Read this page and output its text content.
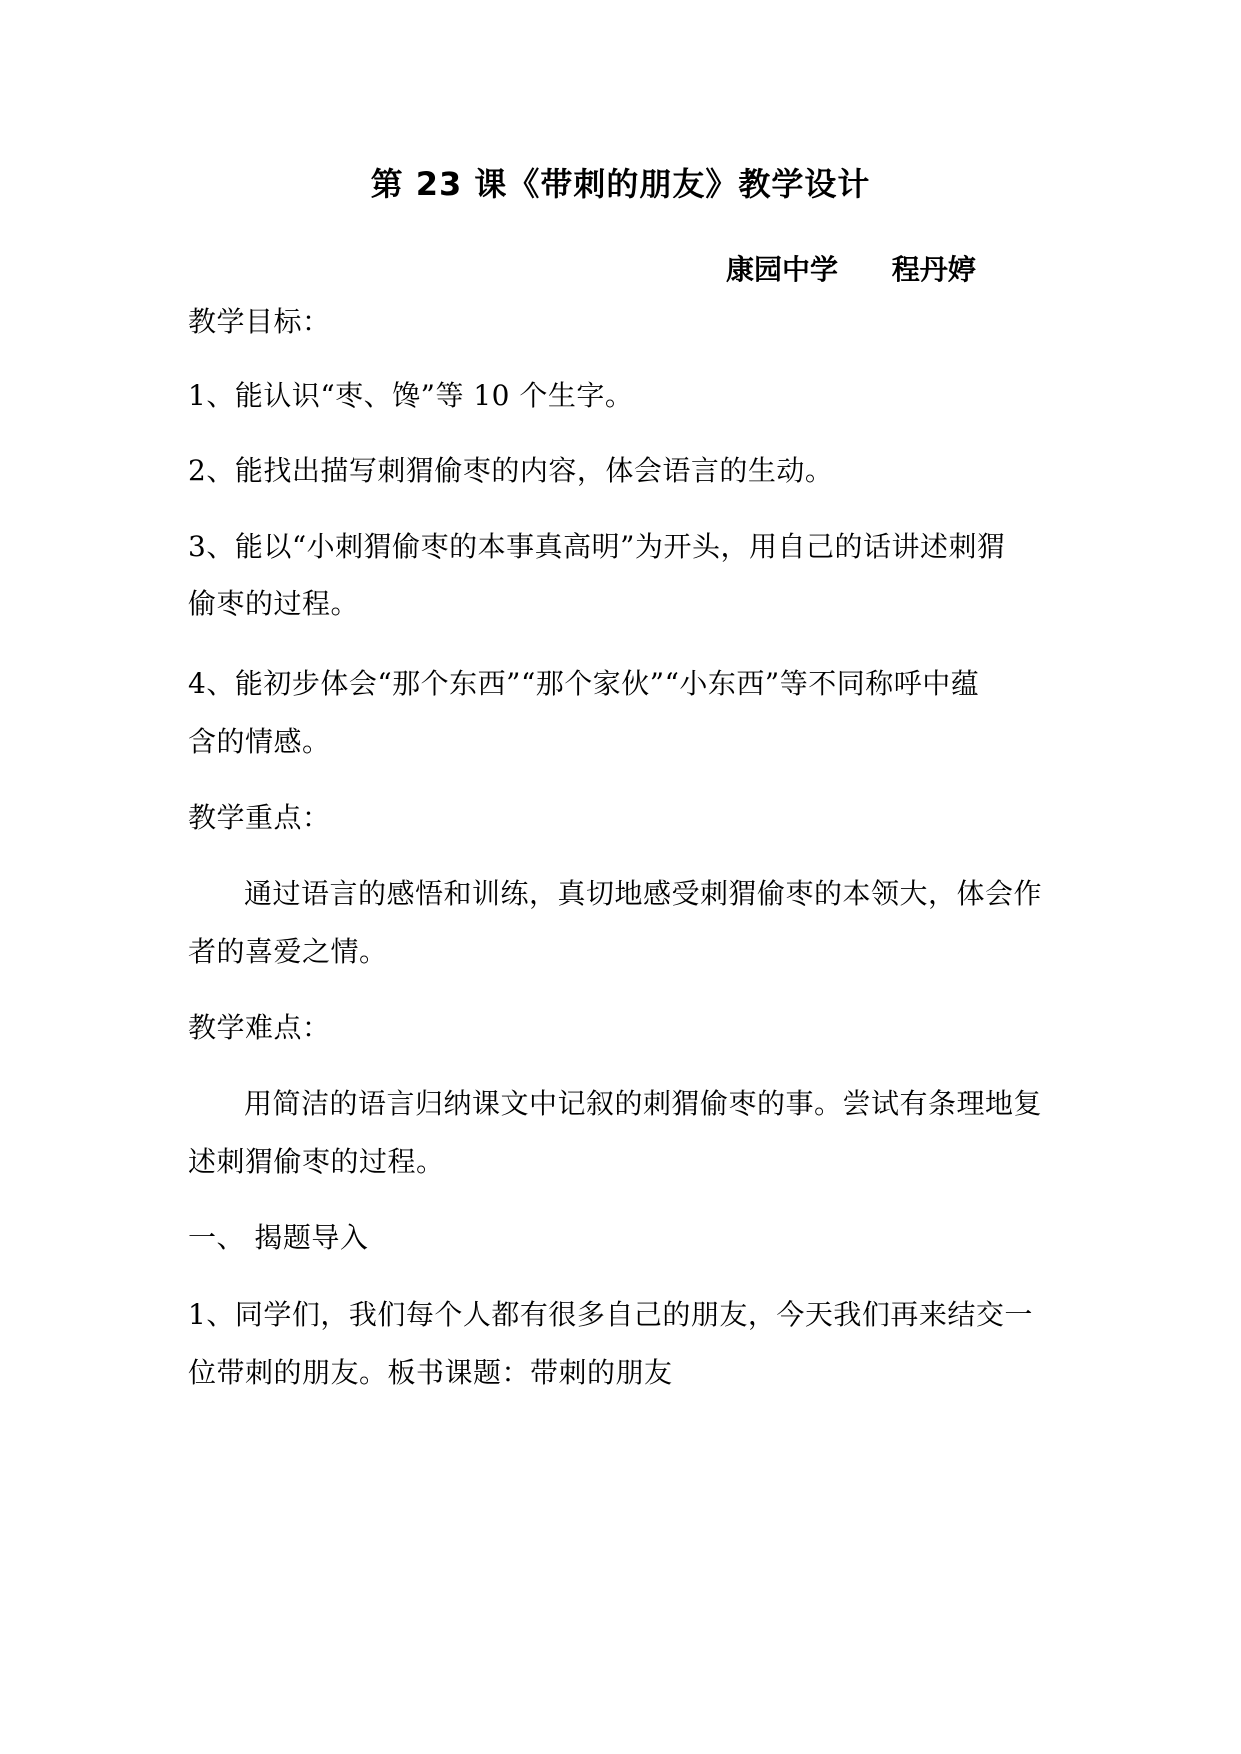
第 23 课《带刺的朋友》教学设计
康园中学 程丹婷
教学目标：
1、能认识“枣、馋”等 10 个生字。
2、能找出描写刺猬偷枣的内容，体会语言的生动。
3、能以“小刺猬偷枣的本事真高明”为开头，用自己的话讲述刺猬
偷枣的过程。
4、能初步体会“那个东西”“那个家伙”“小东西”等不同称呼中蕴
含的情感。
教学重点：
通过语言的感悟和训练，真切地感受刺猬偷枣的本领大，体会作
者的喜爱之情。
教学难点：
用简洁的语言归纳课文中记叙的刺猬偷枣的事。尝试有条理地复
述刺猬偷枣的过程。
一、 揭题导入
1、同学们，我们每个人都有很多自己的朋友，今天我们再来结交一
位带刺的朋友。板书课题：带刺的朋友
